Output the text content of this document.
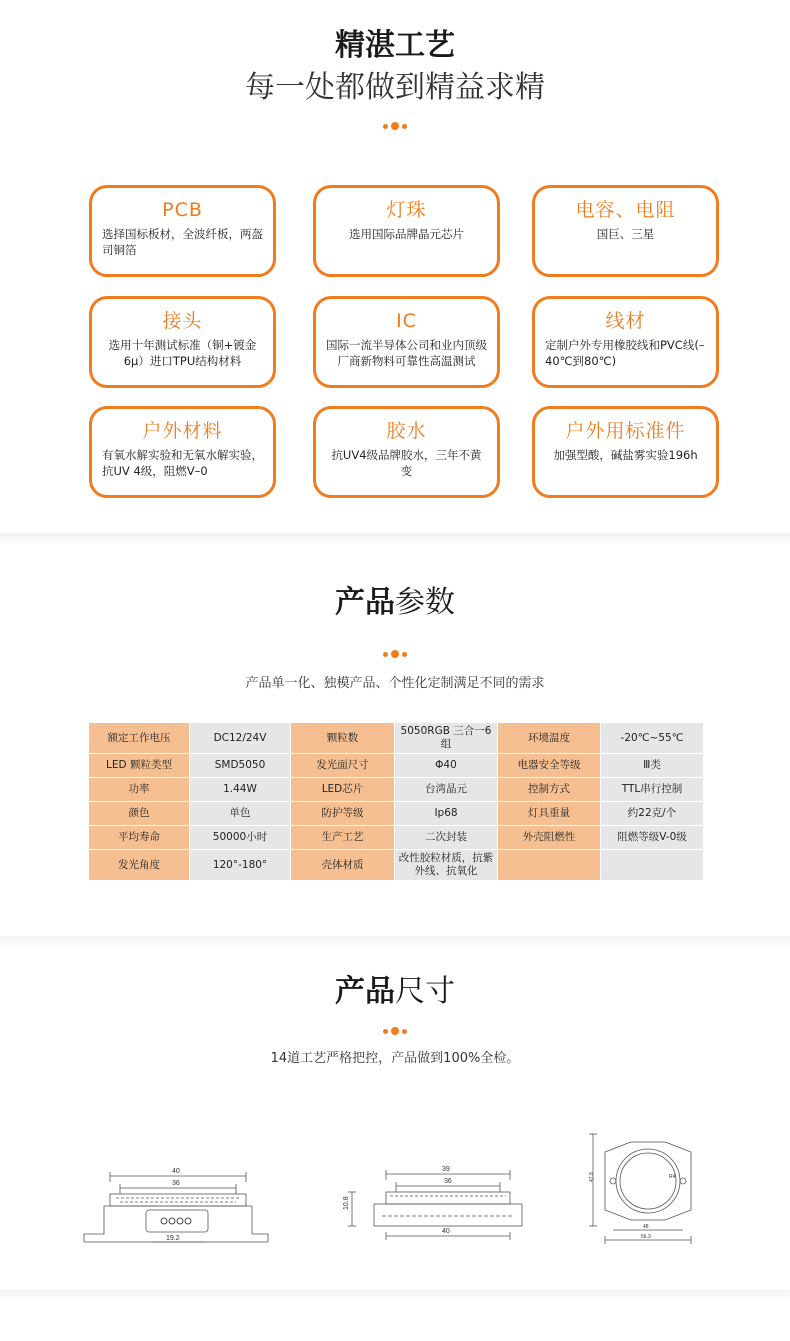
精湛工艺
每一处都做到精益求精
PCB
选择国标板材，全波纤板，两盔司铜箔
灯珠
选用国际品牌晶元芯片
电容、电阻
国巨、三星
接头
选用十年测试标准（铜+镀金6μ）进口TPU结构材料
IC
国际一流半导体公司和业内顶级厂商新物料可靠性高温测试
线材
定制户外专用橡胶线和PVC线(–40℃到80℃)
户外材料
有氧水解实验和无氧水解实验，抗UV 4级，阻燃V–0
胶水
抗UV4级品牌胶水，三年不黄变
户外用标准件
加强型酸，碱盐雾实验196h
产品参数
产品单一化、独模产品、个性化定制满足不同的需求
额定工作电压	DC12/24V	颗粒数	5050RGB 三合一6组	环境温度	-20℃~55℃
LED 颗粒类型	SMD5050	发光面尺寸	Φ40	电器安全等级	Ⅲ类
功率	1.44W	LED芯片	台湾晶元	控制方式	TTL串行控制
颜色	单色	防护等级	Ip68	灯具重量	约22克/个
平均寿命	50000小时	生产工艺	二次封装	外壳阻燃性	阻燃等级V-0级
发光角度	120°-180°	壳体材质	改性胶粒材质，抗紫外线、抗氧化		
产品尺寸
14道工艺严格把控，产品做到100%全检。
40
36
19.2
39
36
40
10.8
R4
48
56.3
47.8
